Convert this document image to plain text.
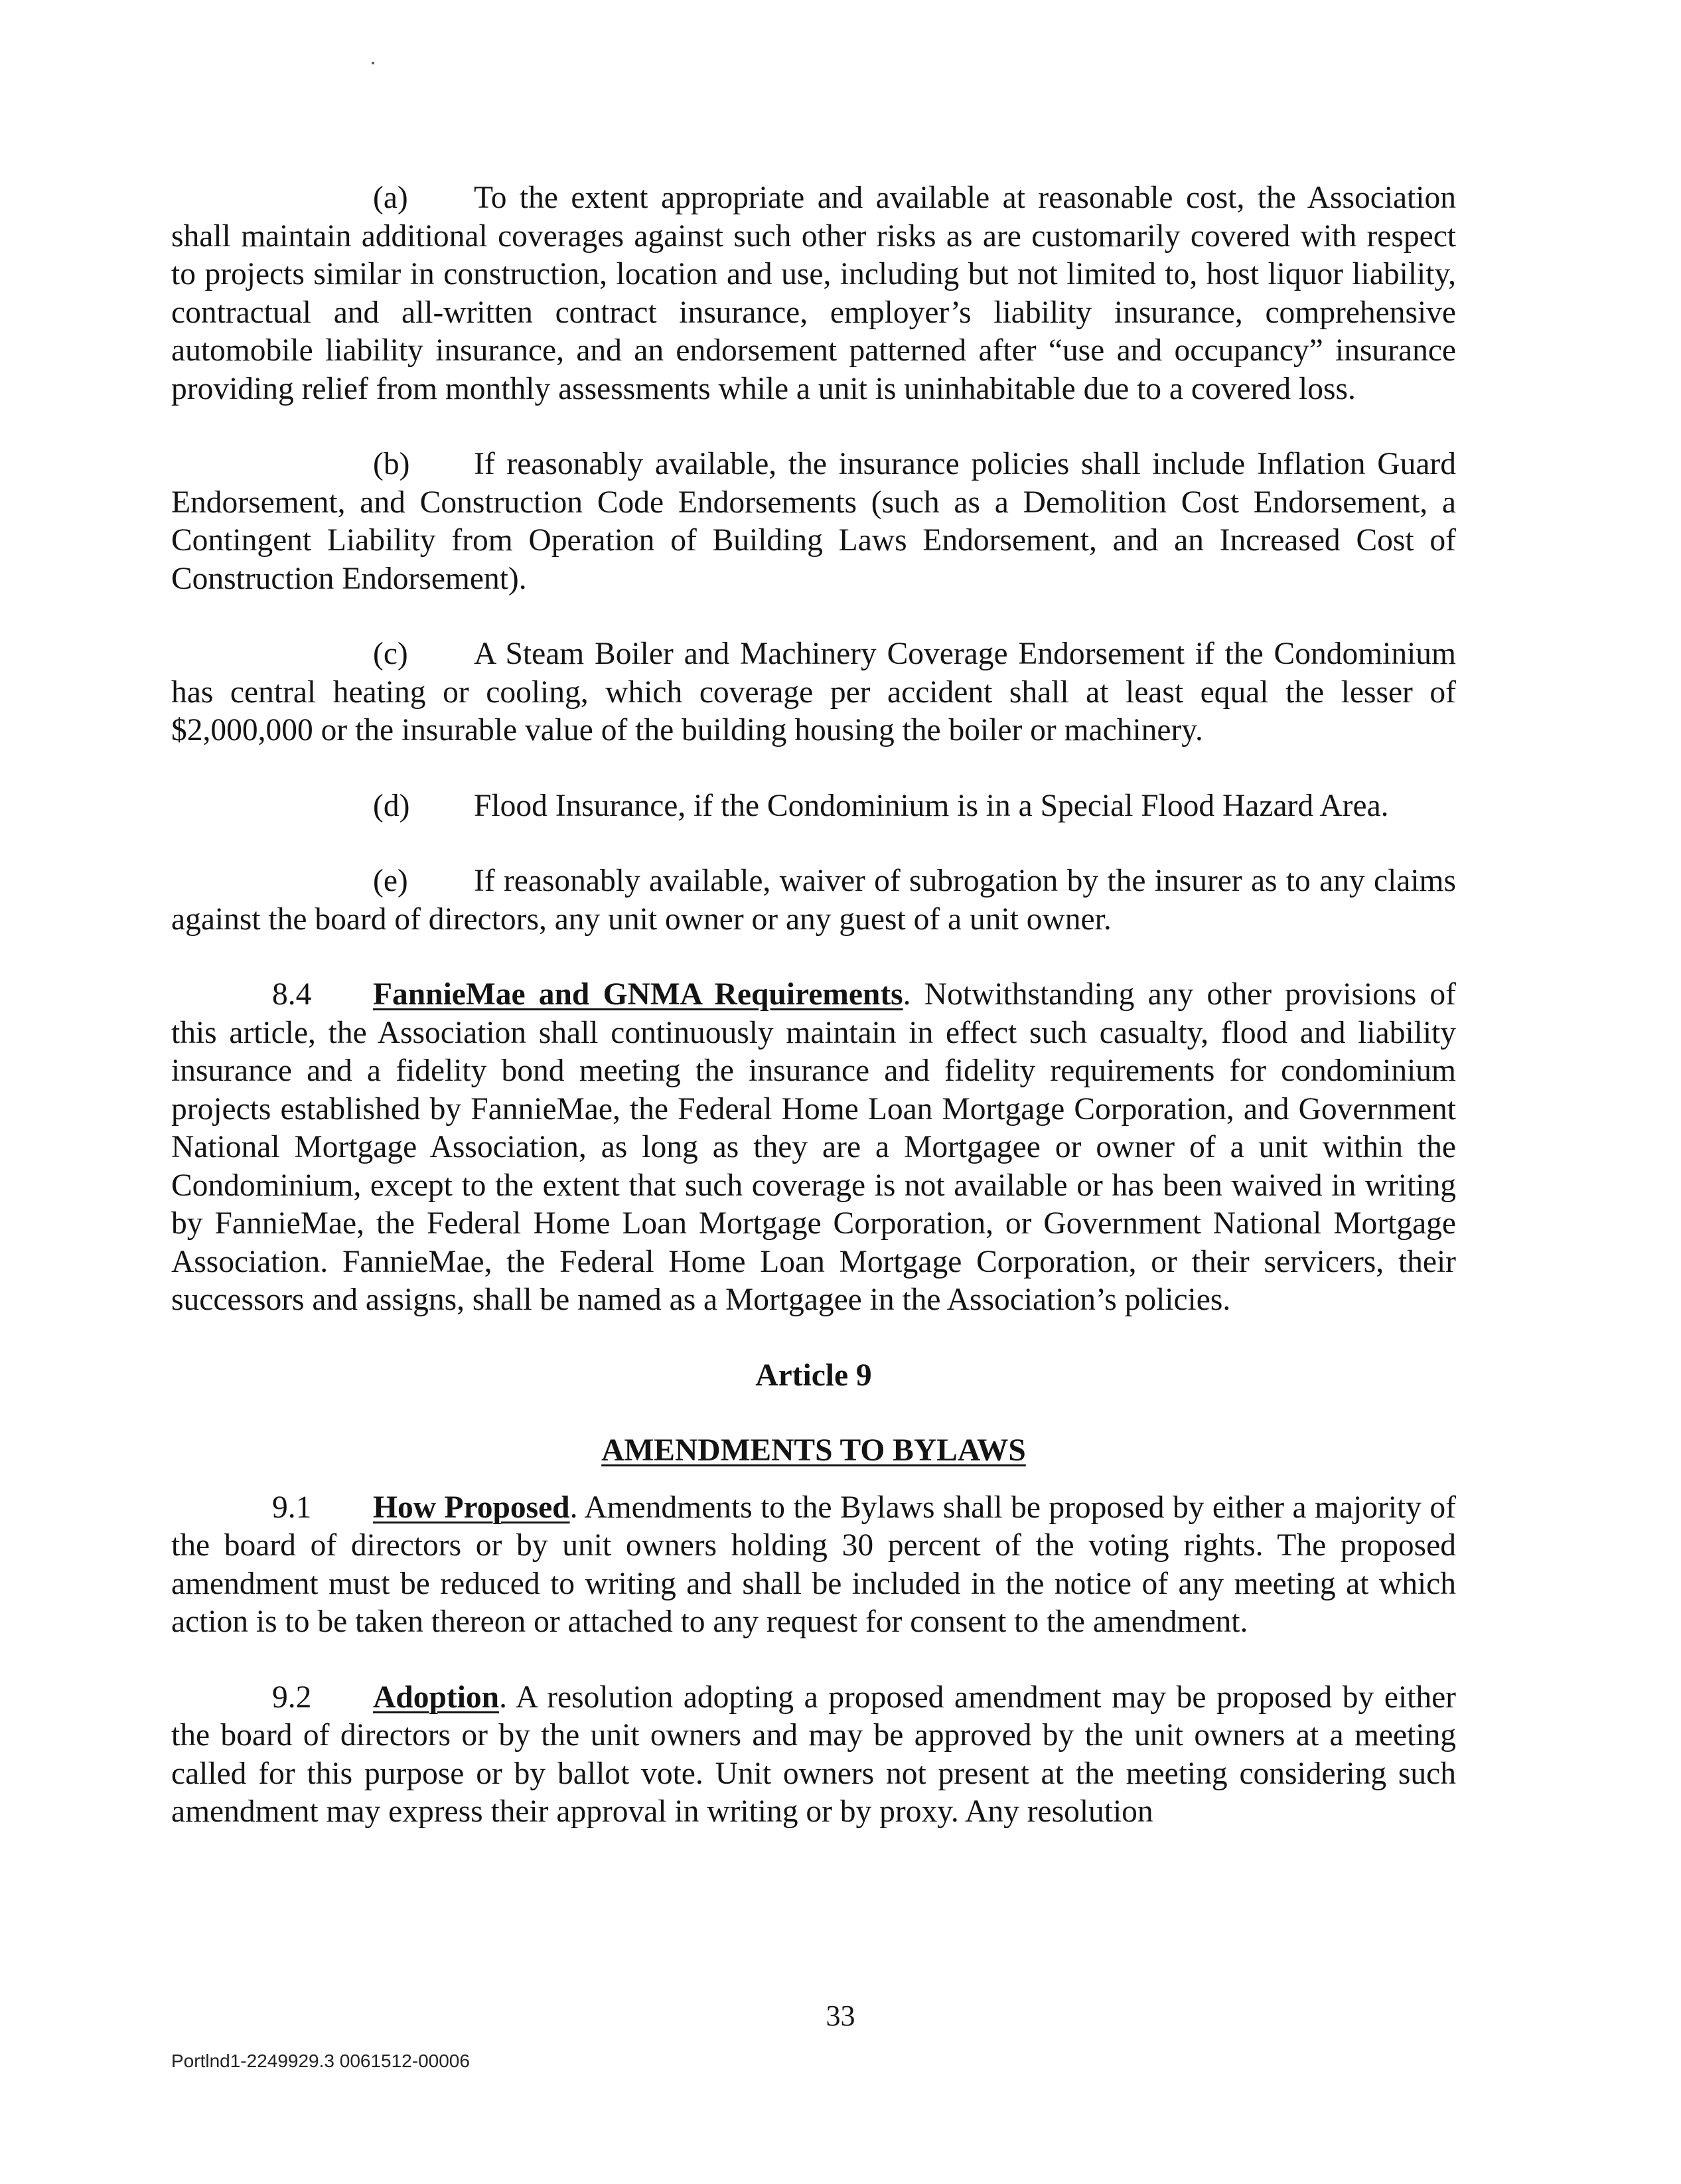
(a) To the extent appropriate and available at reasonable cost, the Association shall maintain additional coverages against such other risks as are customarily covered with respect to projects similar in construction, location and use, including but not limited to, host liquor liability, contractual and all-written contract insurance, employer’s liability insurance, comprehensive automobile liability insurance, and an endorsement patterned after “use and occupancy” insurance providing relief from monthly assessments while a unit is uninhabitable due to a covered loss.

(b) If reasonably available, the insurance policies shall include Inflation Guard Endorsement, and Construction Code Endorsements (such as a Demolition Cost Endorsement, a Contingent Liability from Operation of Building Laws Endorsement, and an Increased Cost of Construction Endorsement).

(c) A Steam Boiler and Machinery Coverage Endorsement if the Condominium has central heating or cooling, which coverage per accident shall at least equal the lesser of $2,000,000 or the insurable value of the building housing the boiler or machinery.

(d) Flood Insurance, if the Condominium is in a Special Flood Hazard Area.

(e) If reasonably available, waiver of subrogation by the insurer as to any claims against the board of directors, any unit owner or any guest of a unit owner.

8.4 FannieMae and GNMA Requirements. Notwithstanding any other provisions of this article, the Association shall continuously maintain in effect such casualty, flood and liability insurance and a fidelity bond meeting the insurance and fidelity requirements for condominium projects established by FannieMae, the Federal Home Loan Mortgage Corporation, and Government National Mortgage Association, as long as they are a Mortgagee or owner of a unit within the Condominium, except to the extent that such coverage is not available or has been waived in writing by FannieMae, the Federal Home Loan Mortgage Corporation, or Government National Mortgage Association. FannieMae, the Federal Home Loan Mortgage Corporation, or their servicers, their successors and assigns, shall be named as a Mortgagee in the Association’s policies.

Article 9

AMENDMENTS TO BYLAWS

9.1 How Proposed. Amendments to the Bylaws shall be proposed by either a majority of the board of directors or by unit owners holding 30 percent of the voting rights. The proposed amendment must be reduced to writing and shall be included in the notice of any meeting at which action is to be taken thereon or attached to any request for consent to the amendment.

9.2 Adoption. A resolution adopting a proposed amendment may be proposed by either the board of directors or by the unit owners and may be approved by the unit owners at a meeting called for this purpose or by ballot vote. Unit owners not present at the meeting considering such amendment may express their approval in writing or by proxy. Any resolution

33
Portlnd1-2249929.3 0061512-00006
